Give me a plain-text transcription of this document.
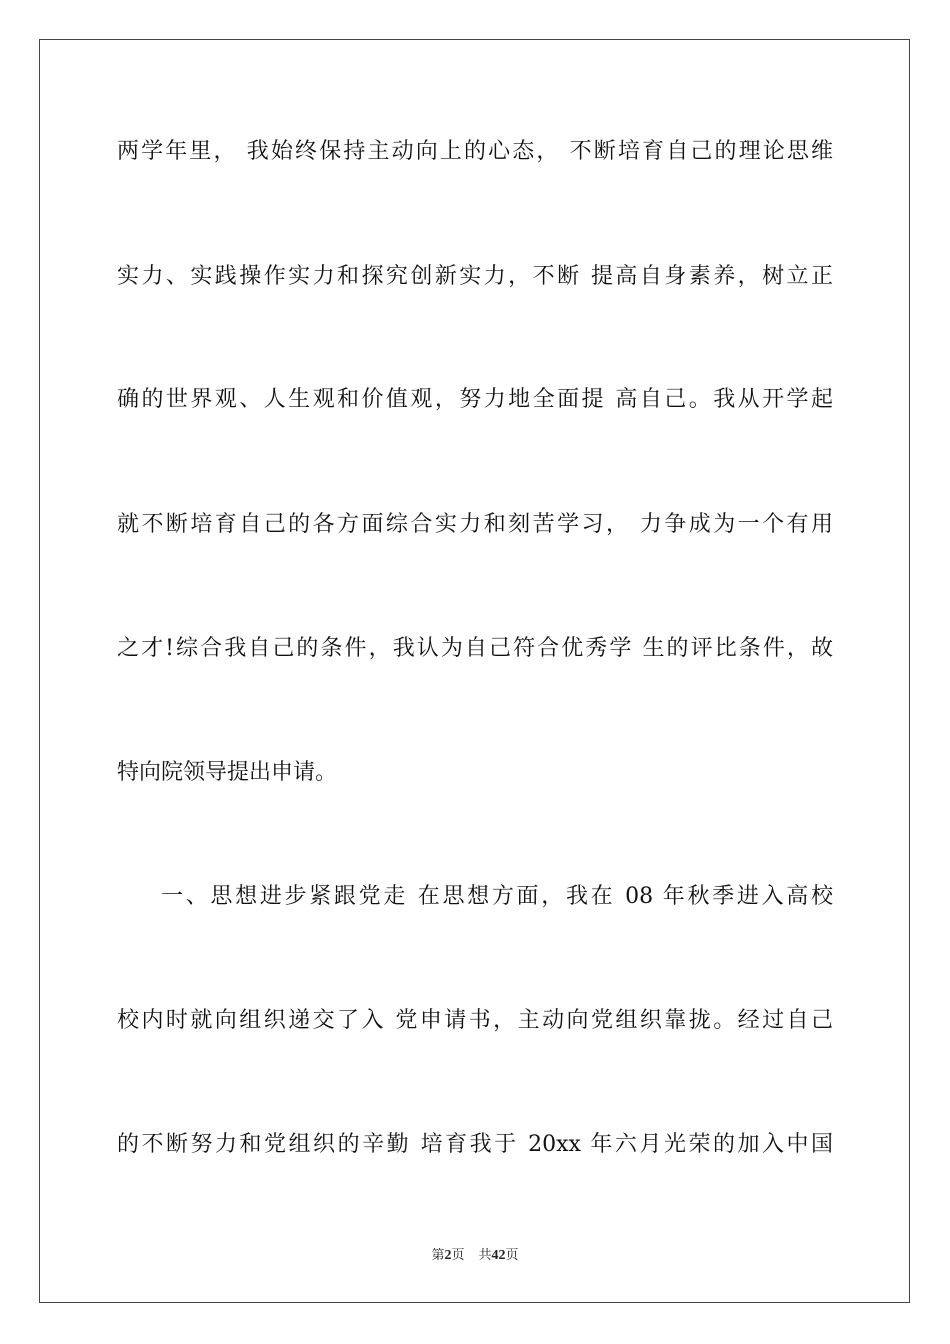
两学年里， 我始终保持主动向上的心态， 不断培育自己的理论思维
实力、实践操作实力和探究创新实力，不断 提高自身素养，树立正
确的世界观、人生观和价值观，努力地全面提 高自己。我从开学起
就不断培育自己的各方面综合实力和刻苦学习， 力争成为一个有用
之才!综合我自己的条件，我认为自己符合优秀学 生的评比条件，故
特向院领导提出申请。
一、思想进步紧跟党走 在思想方面，我在 08 年秋季进入高校
校内时就向组织递交了入 党申请书，主动向党组织靠拢。经过自己
的不断努力和党组织的辛勤 培育我于 20xx 年六月光荣的加入中国
第2页 共42页
